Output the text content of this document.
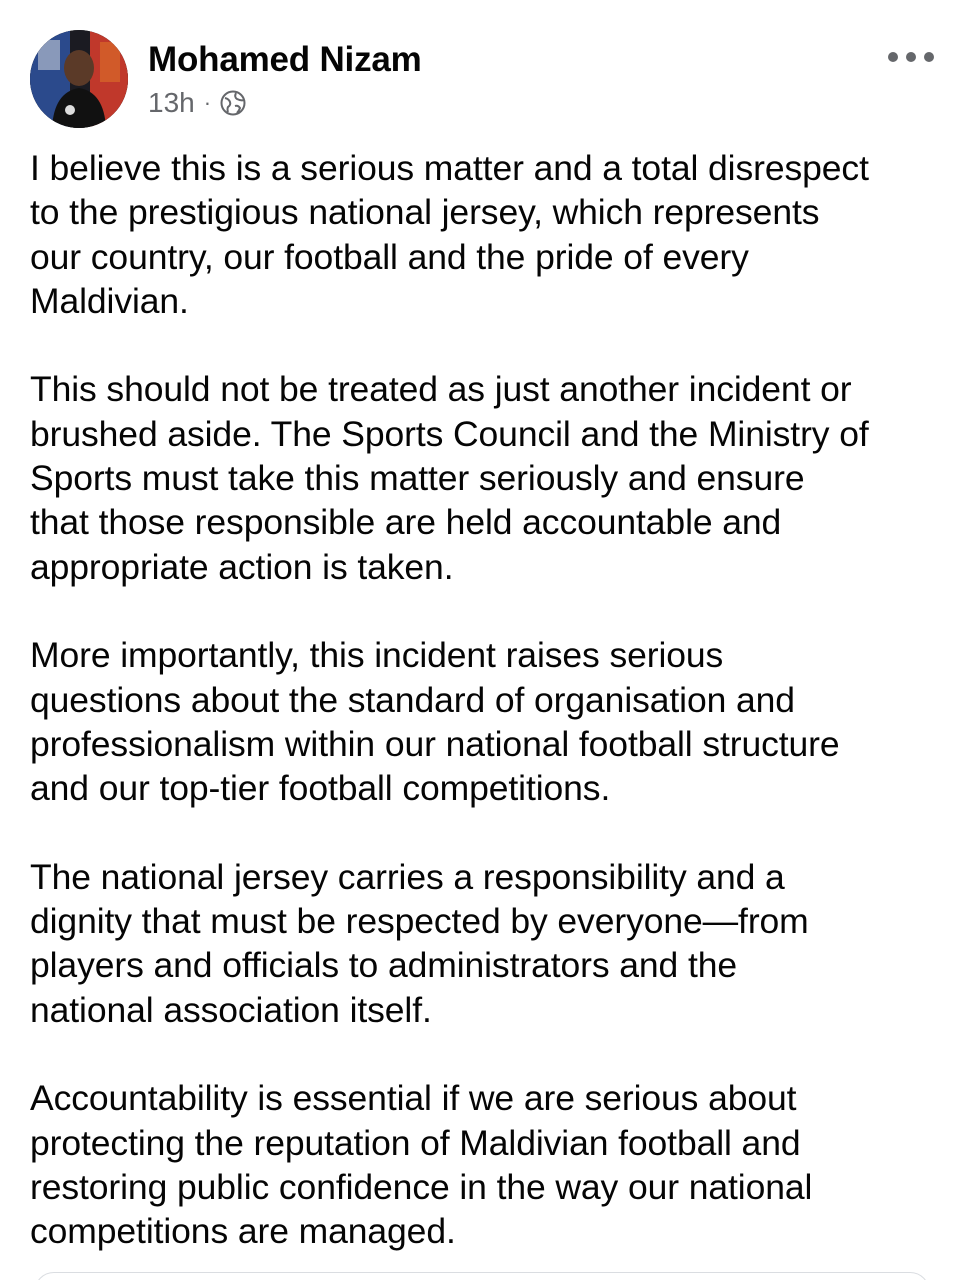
Mohamed Nizam
13h ·

I believe this is a serious matter and a total disrespect
to the prestigious national jersey, which represents
our country, our football and the pride of every
Maldivian.

This should not be treated as just another incident or
brushed aside. The Sports Council and the Ministry of
Sports must take this matter seriously and ensure
that those responsible are held accountable and
appropriate action is taken.

More importantly, this incident raises serious
questions about the standard of organisation and
professionalism within our national football structure
and our top-tier football competitions.

The national jersey carries a responsibility and a
dignity that must be respected by everyone—from
players and officials to administrators and the
national association itself.

Accountability is essential if we are serious about
protecting the reputation of Maldivian football and
restoring public confidence in the way our national
competitions are managed.
